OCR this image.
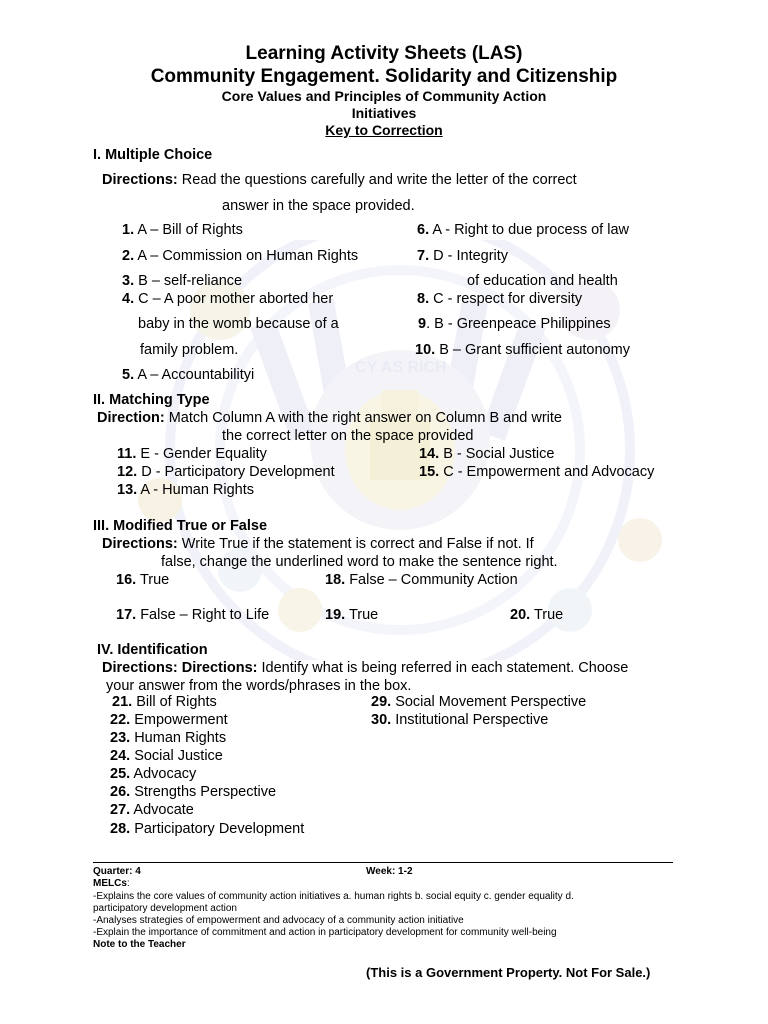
CY AS RICH
Learning Activity Sheets (LAS)
Community Engagement. Solidarity and Citizenship
Core Values and Principles of Community Action
Initiatives
Key to Correction
I. Multiple Choice
Directions: Read the questions carefully and write the letter of the correct
answer in the space provided.
1. A – Bill of Rights
2. A – Commission on Human Rights
3. B – self-reliance
4. C – A poor mother aborted her
baby in the womb because of a
family problem.
5. A – Accountabilityi
6. A - Right to due process of law
7. D - Integrity
of education and health
8. C - respect for diversity
9. B - Greenpeace Philippines
10. B – Grant sufficient autonomy
II. Matching Type
Direction: Match Column A with the right answer on Column B and write
the correct letter on the space provided
11. E - Gender Equality
12. D - Participatory Development
13. A - Human Rights
14. B - Social Justice
15. C - Empowerment and Advocacy
III. Modified True or False
Directions: Write True if the statement is correct and False if not. If
false, change the underlined word to make the sentence right.
16. True	18. False – Community Action
17. False – Right to Life	19. True	20. True
IV. Identification
Directions: Directions: Identify what is being referred in each statement. Choose
your answer from the words/phrases in the box.
21. Bill of Rights
22. Empowerment
23. Human Rights
24. Social Justice
25. Advocacy
26. Strengths Perspective
27. Advocate
28. Participatory Development
29. Social Movement Perspective
30. Institutional Perspective
Quarter: 4	Week: 1-2
MELCs:
-Explains the core values of community action initiatives a. human rights b. social equity c. gender equality d.
participatory development action
-Analyses strategies of empowerment and advocacy of a community action initiative
-Explain the importance of commitment and action in participatory development for community well-being
Note to the Teacher
(This is a Government Property. Not For Sale.)
